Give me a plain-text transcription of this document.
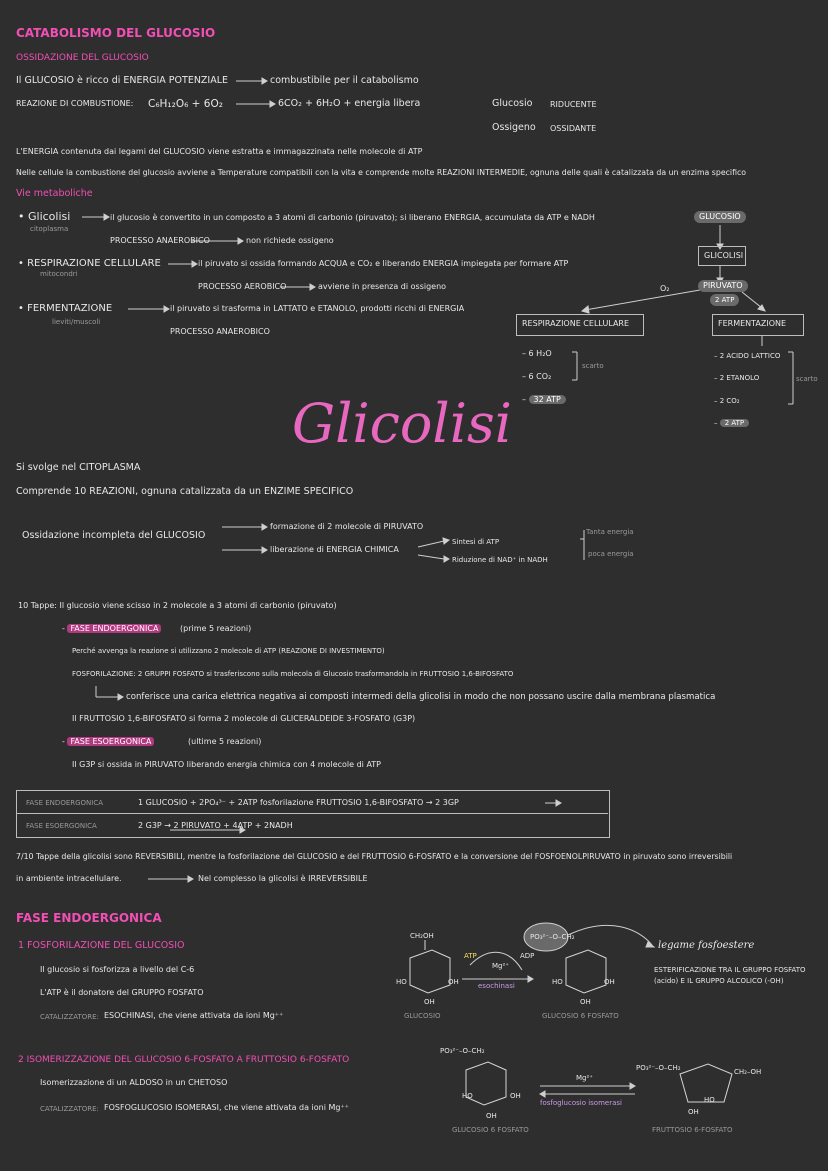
CATABOLISMO DEL GLUCOSIO
OSSIDAZIONE DEL GLUCOSIO
Il GLUCOSIO è ricco di ENERGIA POTENZIALE	combustibile per il catabolismo
REAZIONE DI COMBUSTIONE: C₆H₁₂O₆ + 6O₂	6CO₂ + 6H₂O + energia libera	Glucosio RIDUCENTE
Ossigeno OSSIDANTE
L'ENERGIA contenuta dai legami del GLUCOSIO viene estratta e immagazzinata nelle molecole di ATP
Nelle cellule la combustione del glucosio avviene a Temperature compatibili con la vita e comprende molte REAZIONI INTERMEDIE, ognuna delle quali è catalizzata da un enzima specifico
Vie metaboliche
• Glicolisi
citoplasma
il glucosio è convertito in un composto a 3 atomi di carbonio (piruvato); si liberano ENERGIA, accumulata da ATP e NADH
PROCESSO ANAEROBICO	non richiede ossigeno
• RESPIRAZIONE CELLULARE
mitocondri
il piruvato si ossida formando ACQUA e CO₂ e liberando ENERGIA impiegata per formare ATP
PROCESSO AEROBICO	avviene in presenza di ossigeno
• FERMENTAZIONE
lieviti/muscoli
il piruvato si trasforma in LATTATO e ETANOLO, prodotti ricchi di ENERGIA
PROCESSO ANAEROBICO
GLUCOSIO
GLICOLISI
O₂	PIRUVATO
2 ATP
RESPIRAZIONE CELLULARE	FERMENTAZIONE
– 6 H₂O
– 6 CO₂
– 32 ATP
scarto
– 2 ACIDO LATTICO
– 2 ETANOLO
– 2 CO₂
– 2 ATP
scarto
Glicolisi
Si svolge nel CITOPLASMA
Comprende 10 REAZIONI, ognuna catalizzata da un ENZIME SPECIFICO
Ossidazione incompleta del GLUCOSIO
formazione di 2 molecole di PIRUVATO
liberazione di ENERGIA CHIMICA
Sintesi di ATP
Riduzione di NAD⁺ in NADH
Tanta energia
poca energia
10 Tappe: Il glucosio viene scisso in 2 molecole a 3 atomi di carbonio (piruvato)
- FASE ENDOERGONICA	(prime 5 reazioni)
Perché avvenga la reazione si utilizzano 2 molecole di ATP (REAZIONE DI INVESTIMENTO)
FOSFORILAZIONE: 2 GRUPPI FOSFATO si trasferiscono sulla molecola di Glucosio trasformandola in FRUTTOSIO 1,6-BIFOSFATO
conferisce una carica elettrica negativa ai composti intermedi della glicolisi in modo che non possano uscire dalla membrana plasmatica
Il FRUTTOSIO 1,6-BIFOSFATO si forma 2 molecole di GLICERALDEIDE 3-FOSFATO (G3P)
- FASE ESOERGONICA	(ultime 5 reazioni)
Il G3P si ossida in PIRUVATO liberando energia chimica con 4 molecole di ATP
FASE ENDOERGONICA	1 GLUCOSIO + 2PO₄³⁻ + 2ATP fosforilazione FRUTTOSIO 1,6-BIFOSFATO → 2 3GP
FASE ESOERGONICA	2 G3P → 2 PIRUVATO + 4ATP + 2NADH
7/10 Tappe della glicolisi sono REVERSIBILI, mentre la fosforilazione del GLUCOSIO e del FRUTTOSIO 6-FOSFATO e la conversione del FOSFOENOLPIRUVATO in piruvato sono irreversibili
in ambiente intracellulare.	Nel complesso la glicolisi è IRREVERSIBILE
FASE ENDOERGONICA
1 FOSFORILAZIONE DEL GLUCOSIO
Il glucosio si fosforizza a livello del C-6
L'ATP è il donatore del GRUPPO FOSFATO
CATALIZZATORE: ESOCHINASI, che viene attivata da ioni Mg⁺⁺
CH₂OH
HO	OH
OH
GLUCOSIO
ATP	ADP
Mg²⁺
esochinasi
PO₃²⁻–O–CH₂
HO	OH
OH
GLUCOSIO 6 FOSFATO
legame fosfoestere
ESTERIFICAZIONE TRA IL GRUPPO FOSFATO (acido) E IL GRUPPO ALCOLICO (-OH)
2 ISOMERIZZAZIONE DEL GLUCOSIO 6-FOSFATO A FRUTTOSIO 6-FOSFATO
Isomerizzazione di un ALDOSO in un CHETOSO
CATALIZZATORE: FOSFOGLUCOSIO ISOMERASI, che viene attivata da ioni Mg⁺⁺
PO₃²⁻–O–CH₂
HO	OH
OH
GLUCOSIO 6 FOSFATO
Mg²⁺
fosfoglucosio isomerasi
PO₃²⁻–O–CH₂	CH₂–OH
HO
OH
FRUTTOSIO 6-FOSFATO
